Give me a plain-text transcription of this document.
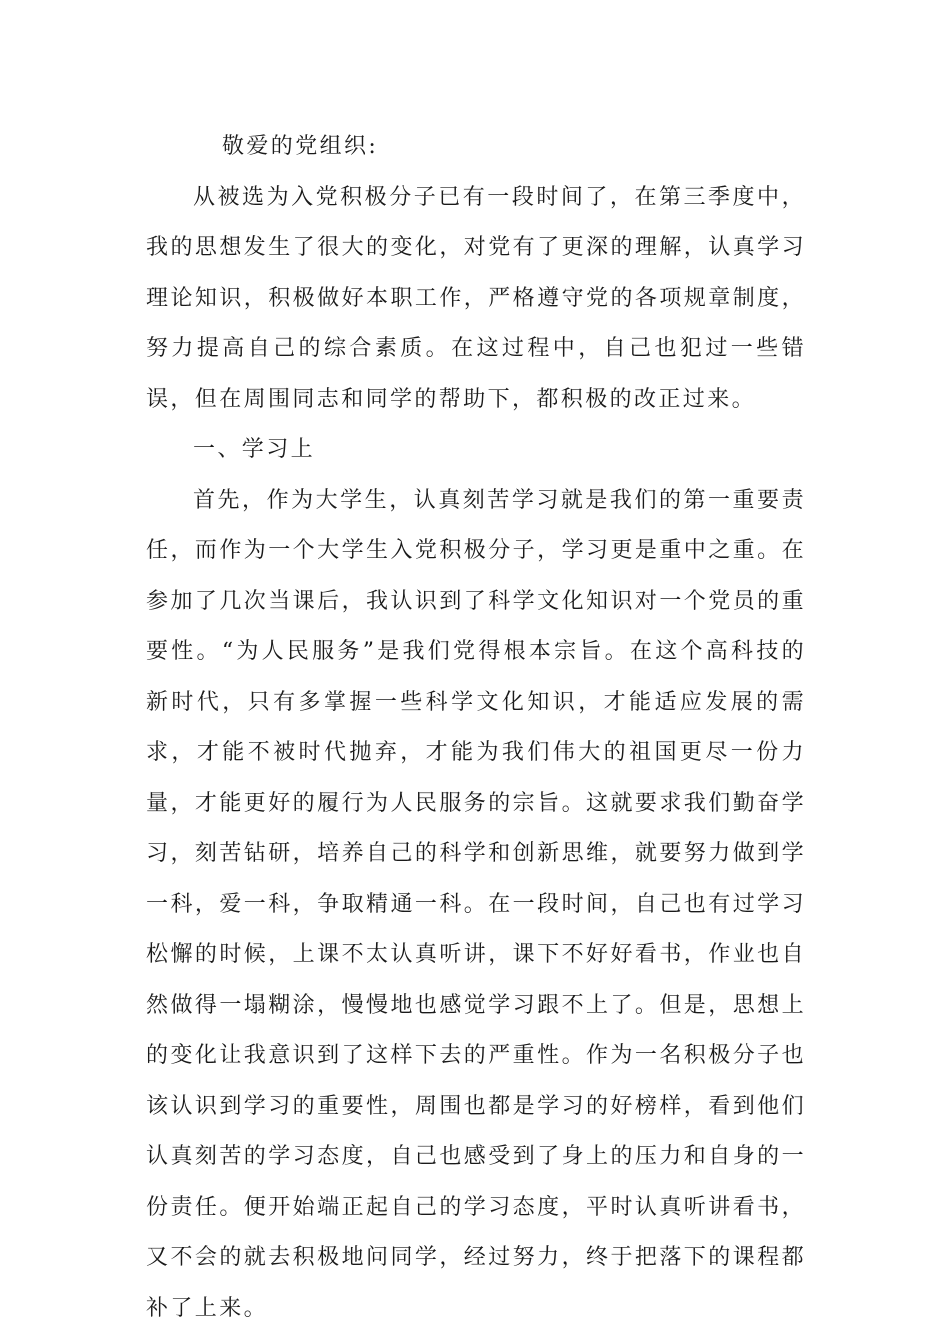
敬爱的党组织:

从被选为入党积极分子已有一段时间了，在第三季度中，我的思想发生了很大的变化，对党有了更深的理解，认真学习理论知识，积极做好本职工作，严格遵守党的各项规章制度，努力提高自己的综合素质。在这过程中，自己也犯过一些错误，但在周围同志和同学的帮助下，都积极的改正过来。

一、学习上

首先，作为大学生，认真刻苦学习就是我们的第一重要责任，而作为一个大学生入党积极分子，学习更是重中之重。在参加了几次当课后，我认识到了科学文化知识对一个党员的重要性。“为人民服务”是我们党得根本宗旨。在这个高科技的新时代，只有多掌握一些科学文化知识，才能适应发展的需求，才能不被时代抛弃，才能为我们伟大的祖国更尽一份力量，才能更好的履行为人民服务的宗旨。这就要求我们勤奋学习，刻苦钻研，培养自己的科学和创新思维，就要努力做到学一科，爱一科，争取精通一科。在一段时间，自己也有过学习松懈的时候，上课不太认真听讲，课下不好好看书，作业也自然做得一塌糊涂，慢慢地也感觉学习跟不上了。但是，思想上的变化让我意识到了这样下去的严重性。作为一名积极分子也该认识到学习的重要性，周围也都是学习的好榜样，看到他们认真刻苦的学习态度，自己也感受到了身上的压力和自身的一份责任。便开始端正起自己的学习态度，平时认真听讲看书，又不会的就去积极地问同学，经过努力，终于把落下的课程都补了上来。
